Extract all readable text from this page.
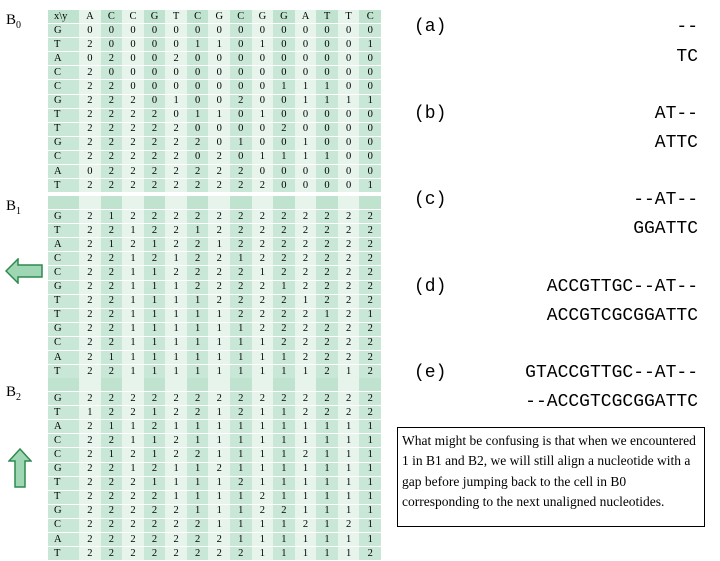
$B_0$
$B_1$
$B_2$
x\y	A	C	C	G	T	C	G	C	G	G	A	T	T	C
G	0	0	0	0	0	0	0	0	0	0	0	0	0	0
T	2	0	0	0	0	1	1	0	1	0	0	0	0	1
A	0	2	0	0	2	0	0	0	0	0	0	0	0	0
C	2	0	0	0	0	0	0	0	0	0	0	0	0	0
C	2	2	0	0	0	0	0	0	0	1	1	1	0	0
G	2	2	2	0	1	0	0	2	0	0	1	1	1	1
T	2	2	2	2	0	1	1	0	1	0	0	0	0	0
T	2	2	2	2	2	0	0	0	0	2	0	0	0	0
G	2	2	2	2	2	2	0	1	0	0	1	0	0	0
C	2	2	2	2	2	0	2	0	1	1	1	1	0	0
A	0	2	2	2	2	2	2	2	0	0	0	0	0	0
T	2	2	2	2	2	2	2	2	2	0	0	0	0	1

G	2	1	2	2	2	2	2	2	2	2	2	2	2	2
T	2	2	1	2	2	1	2	2	2	2	2	2	2	2
A	2	1	2	1	2	2	1	2	2	2	2	2	2	2
C	2	2	1	2	1	2	2	1	2	2	2	2	2	2
C	2	2	1	1	2	2	2	2	1	2	2	2	2	2
G	2	2	1	1	1	2	2	2	2	1	2	2	2	2
T	2	2	1	1	1	1	2	2	2	2	1	2	2	2
T	2	2	1	1	1	1	1	2	2	2	2	1	2	1
G	2	2	1	1	1	1	1	1	2	2	2	2	2	2
C	2	2	1	1	1	1	1	1	1	2	2	2	2	2
A	2	1	1	1	1	1	1	1	1	1	2	2	2	2
T	2	2	1	1	1	1	1	1	1	1	1	2	1	2

G	2	2	2	2	2	2	2	2	2	2	2	2	2	2
T	1	2	2	1	2	2	1	2	1	1	2	2	2	2
A	2	1	1	2	1	1	1	1	1	1	1	1	1	1
C	2	2	1	1	2	1	1	1	1	1	1	1	1	1
C	2	1	2	1	2	2	1	1	1	1	2	1	1	1
G	2	2	1	2	1	1	2	1	1	1	1	1	1	1
T	2	2	2	1	1	1	1	2	1	1	1	1	1	1
T	2	2	2	2	1	1	1	1	2	1	1	1	1	1
G	2	2	2	2	2	1	1	1	2	2	1	1	1	1
C	2	2	2	2	2	2	1	1	1	1	2	1	2	1
A	2	2	2	2	2	2	2	1	1	1	1	1	1	1
T	2	2	2	2	2	2	2	2	1	1	1	1	1	2
(a)	--
TC
(b)	AT--
ATTC
(c)	--AT--
GGATTC
(d)	ACCGTTGC--AT--
ACCGTCGCGGATTC
(e)	GTACCGTTGC--AT--
--ACCGTCGCGGATTC
What might be confusing is that when we encountered 1 in B1 and B2, we will still align a nucleotide with a gap before jumping back to the cell in B0 corresponding to the next unaligned nucleotides.
